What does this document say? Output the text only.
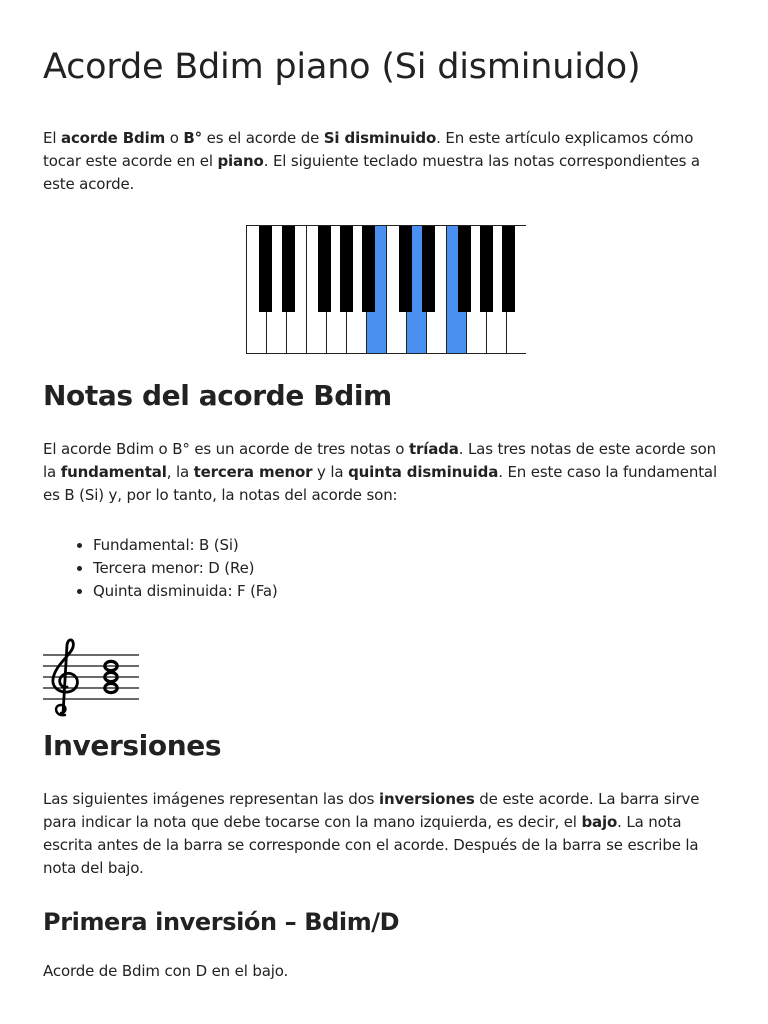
Acorde Bdim piano (Si disminuido)

El acorde Bdim o B° es el acorde de Si disminuido. En este artículo explicamos cómo tocar este acorde en el piano. El siguiente teclado muestra las notas correspondientes a este acorde.

Notas del acorde Bdim

El acorde Bdim o B° es un acorde de tres notas o tríada. Las tres notas de este acorde son la fundamental, la tercera menor y la quinta disminuida. En este caso la fundamental es B (Si) y, por lo tanto, la notas del acorde son:

• Fundamental: B (Si)
• Tercera menor: D (Re)
• Quinta disminuida: F (Fa)
Inversiones

Las siguientes imágenes representan las dos inversiones de este acorde. La barra sirve para indicar la nota que debe tocarse con la mano izquierda, es decir, el bajo. La nota escrita antes de la barra se corresponde con el acorde. Después de la barra se escribe la nota del bajo.

Primera inversión – Bdim/D

Acorde de Bdim con D en el bajo.
